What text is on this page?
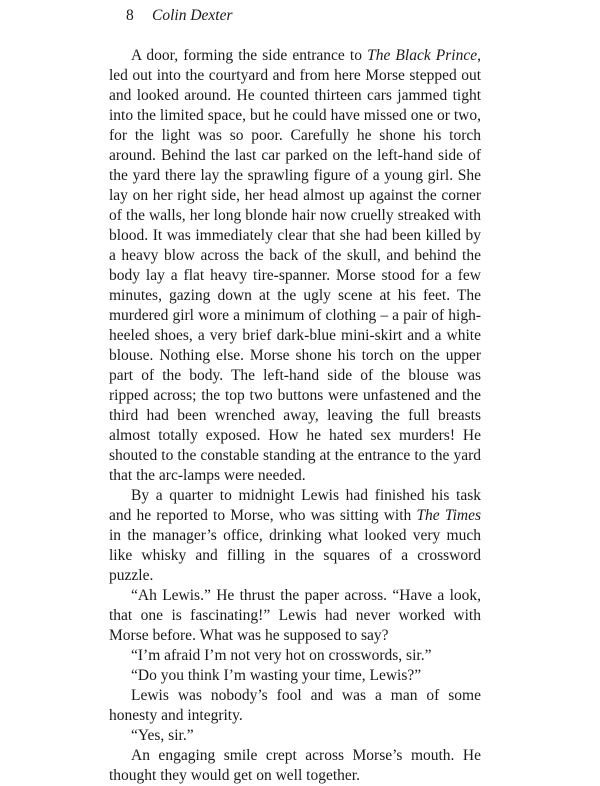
8 Colin Dexter

A door, forming the side entrance to The Black Prince, led out into the courtyard and from here Morse stepped out and looked around. He counted thirteen cars jammed tight into the limited space, but he could have missed one or two, for the light was so poor. Carefully he shone his torch around. Behind the last car parked on the left-hand side of the yard there lay the sprawling figure of a young girl. She lay on her right side, her head almost up against the corner of the walls, her long blonde hair now cruelly streaked with blood. It was immediately clear that she had been killed by a heavy blow across the back of the skull, and behind the body lay a flat heavy tire-spanner. Morse stood for a few minutes, gazing down at the ugly scene at his feet. The murdered girl wore a minimum of clothing – a pair of high-heeled shoes, a very brief dark-blue mini-skirt and a white blouse. Nothing else. Morse shone his torch on the upper part of the body. The left-hand side of the blouse was ripped across; the top two buttons were unfastened and the third had been wrenched away, leaving the full breasts almost totally exposed. How he hated sex murders! He shouted to the constable standing at the entrance to the yard that the arc-lamps were needed.

By a quarter to midnight Lewis had finished his task and he reported to Morse, who was sitting with The Times in the manager’s office, drinking what looked very much like whisky and filling in the squares of a crossword puzzle.

“Ah Lewis.” He thrust the paper across. “Have a look, that one is fascinating!” Lewis had never worked with Morse before. What was he supposed to say?

“I’m afraid I’m not very hot on crosswords, sir.”

“Do you think I’m wasting your time, Lewis?”

Lewis was nobody’s fool and was a man of some honesty and integrity.

“Yes, sir.”

An engaging smile crept across Morse’s mouth. He thought they would get on well together.
